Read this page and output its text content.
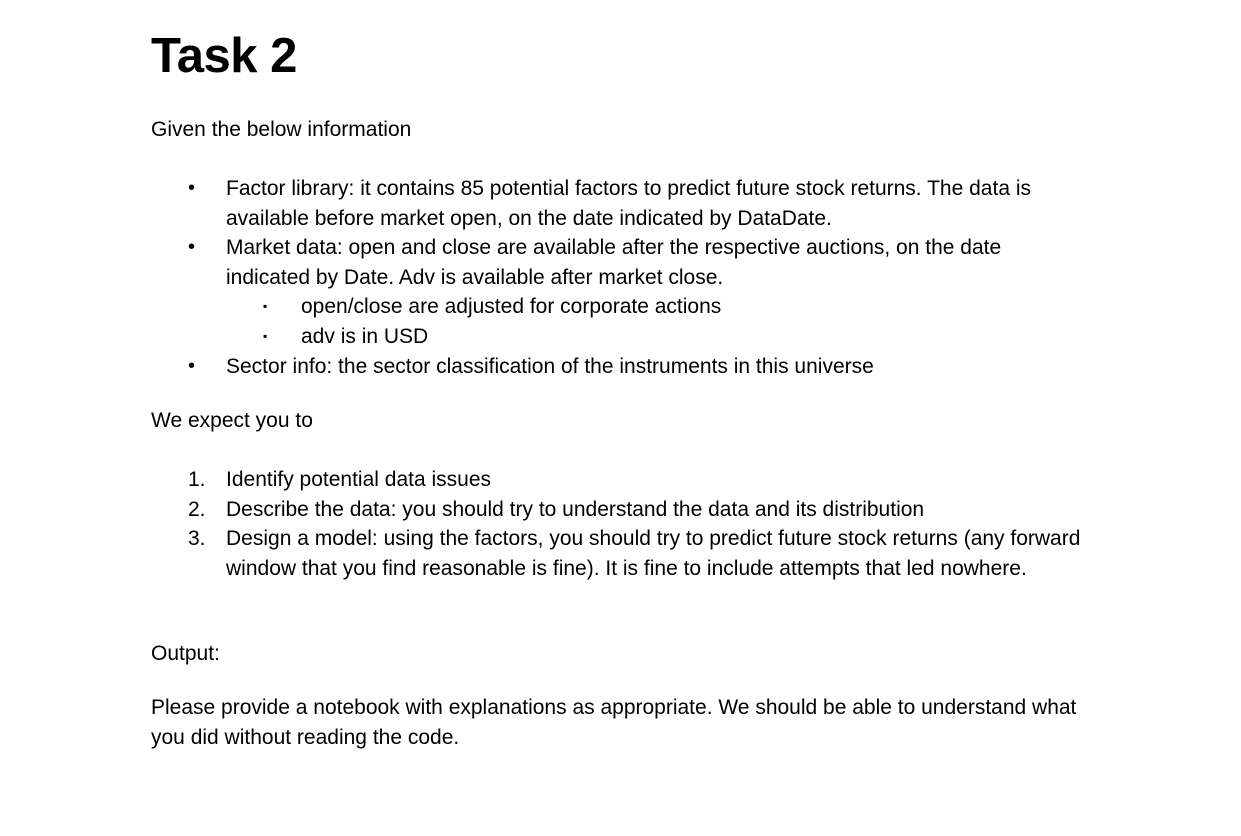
Task 2

Given the below information

• Factor library: it contains 85 potential factors to predict future stock returns. The data is available before market open, on the date indicated by DataDate.
• Market data: open and close are available after the respective auctions, on the date indicated by Date. Adv is available after market close.
▪ open/close are adjusted for corporate actions
▪ adv is in USD
• Sector info: the sector classification of the instruments in this universe

We expect you to

1. Identify potential data issues
2. Describe the data: you should try to understand the data and its distribution
3. Design a model: using the factors, you should try to predict future stock returns (any forward window that you find reasonable is fine). It is fine to include attempts that led nowhere.

Output:

Please provide a notebook with explanations as appropriate. We should be able to understand what you did without reading the code.
